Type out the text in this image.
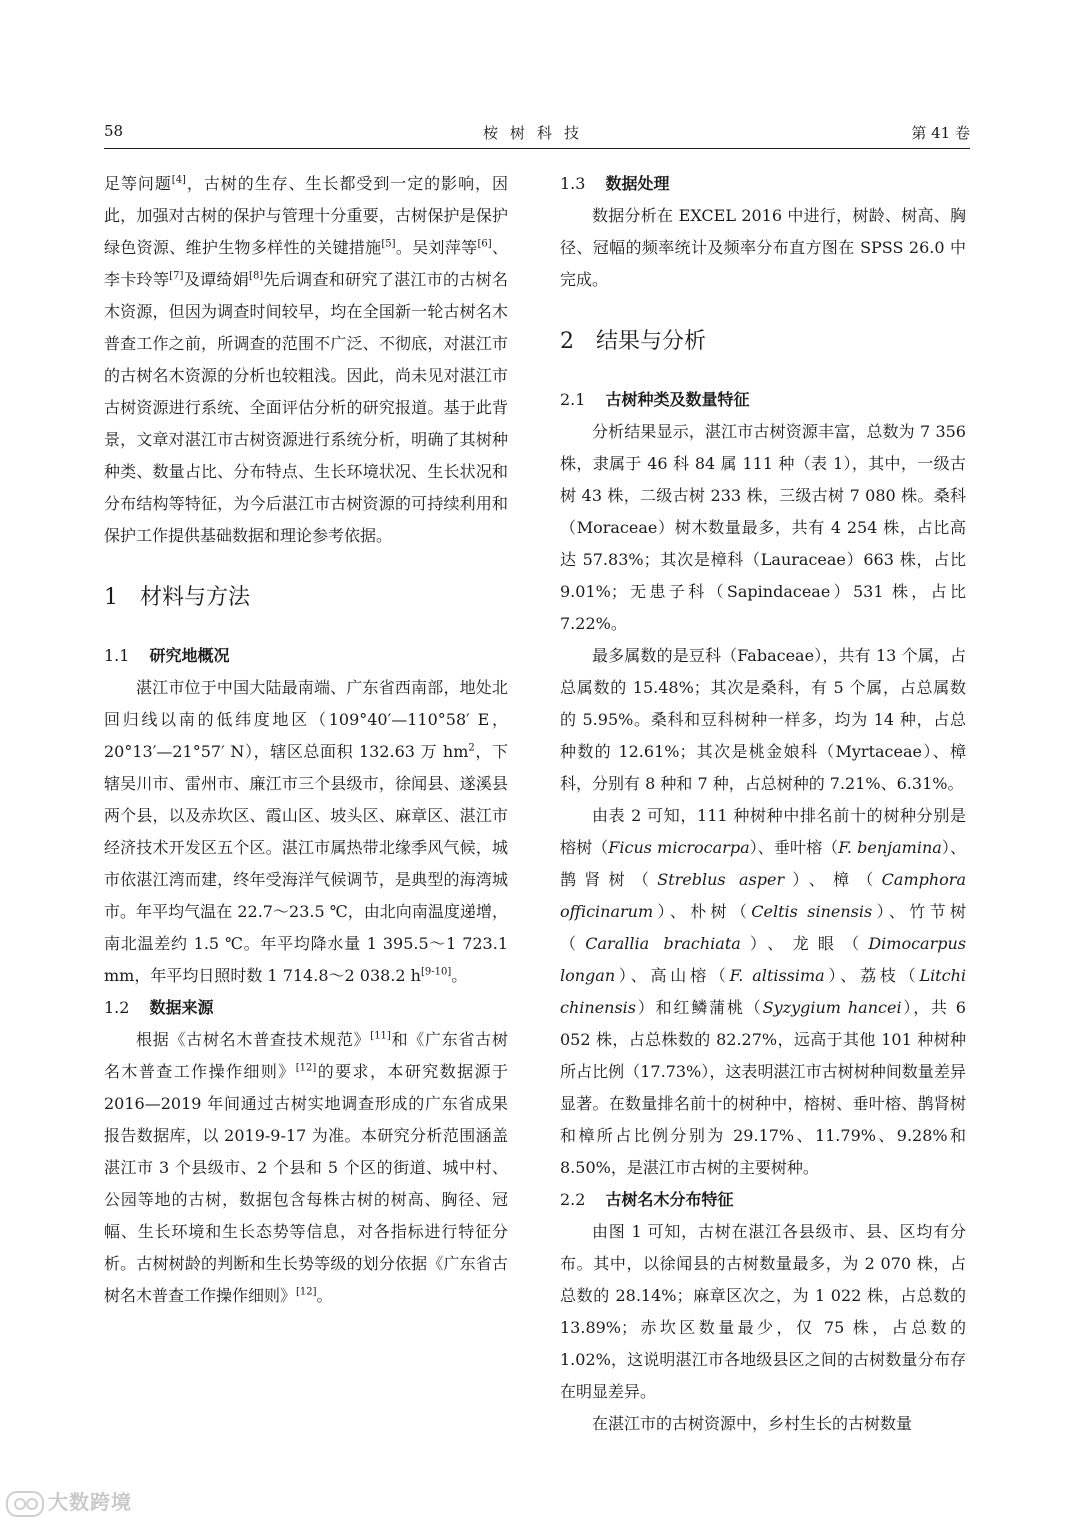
58	桉树科技	第 41 卷

足等问题[4]，古树的生存、生长都受到一定的影响，因此，加强对古树的保护与管理十分重要，古树保护是保护绿色资源、维护生物多样性的关键措施[5]。吴刘萍等[6]、李卡玲等[7]及谭绮娟[8]先后调查和研究了湛江市的古树名木资源，但因为调查时间较早，均在全国新一轮古树名木普查工作之前，所调查的范围不广泛、不彻底，对湛江市的古树名木资源的分析也较粗浅。因此，尚未见对湛江市古树资源进行系统、全面评估分析的研究报道。基于此背景，文章对湛江市古树资源进行系统分析，明确了其树种种类、数量占比、分布特点、生长环境状况、生长状况和分布结构等特征，为今后湛江市古树资源的可持续利用和保护工作提供基础数据和理论参考依据。

1 材料与方法
1.1 研究地概况

湛江市位于中国大陆最南端、广东省西南部，地处北回归线以南的低纬度地区（109°40′—110°58′ E，20°13′—21°57′ N），辖区总面积 132.63 万 $hm^2$，下辖吴川市、雷州市、廉江市三个县级市，徐闻县、遂溪县两个县，以及赤坎区、霞山区、坡头区、麻章区、湛江市经济技术开发区五个区。湛江市属热带北缘季风气候，城市依湛江湾而建，终年受海洋气候调节，是典型的海湾城市。年平均气温在 22.7～23.5 ℃，由北向南温度递增，南北温差约 1.5 ℃。年平均降水量 1 395.5～1 723.1 mm，年平均日照时数 1 714.8～2 038.2 h[9-10]。

1.2 数据来源

根据《古树名木普查技术规范》[11]和《广东省古树名木普查工作操作细则》[12]的要求，本研究数据源于 2016—2019 年间通过古树实地调查形成的广东省成果报告数据库，以 2019-9-17 为准。本研究分析范围涵盖湛江市 3 个县级市、2 个县和 5 个区的街道、城中村、公园等地的古树，数据包含每株古树的树高、胸径、冠幅、生长环境和生长态势等信息，对各指标进行特征分析。古树树龄的判断和生长势等级的划分依据《广东省古树名木普查工作操作细则》[12]。

1.3 数据处理

数据分析在 EXCEL 2016 中进行，树龄、树高、胸径、冠幅的频率统计及频率分布直方图在 SPSS 26.0 中完成。

2 结果与分析
2.1 古树种类及数量特征

分析结果显示，湛江市古树资源丰富，总数为 7 356 株，隶属于 46 科 84 属 111 种（表 1），其中，一级古树 43 株，二级古树 233 株，三级古树 7 080 株。桑科（Moraceae）树木数量最多，共有 4 254 株，占比高达 57.83%；其次是樟科（Lauraceae）663 株，占比 9.01%；无患子科（Sapindaceae）531 株，占比 7.22%。

最多属数的是豆科（Fabaceae），共有 13 个属，占总属数的 15.48%；其次是桑科，有 5 个属，占总属数的 5.95%。桑科和豆科树种一样多，均为 14 种，占总种数的 12.61%；其次是桃金娘科（Myrtaceae）、樟科，分别有 8 种和 7 种，占总树种的 7.21%、6.31%。

由表 2 可知，111 种树种中排名前十的树种分别是榕树（Ficus microcarpa）、垂叶榕（F. benjamina）、鹊肾树（Streblus asper）、樟（Camphora officinarum）、朴树（Celtis sinensis）、竹节树（Carallia brachiata）、龙眼（Dimocarpus longan）、高山榕（F. altissima）、荔枝（Litchi chinensis）和红鳞蒲桃（Syzygium hancei），共 6 052 株，占总株数的 82.27%，远高于其他 101 种树种所占比例（17.73%），这表明湛江市古树树种间数量差异显著。在数量排名前十的树种中，榕树、垂叶榕、鹊肾树和樟所占比例分别为 29.17%、11.79%、9.28%和 8.50%，是湛江市古树的主要树种。

2.2 古树名木分布特征

由图 1 可知，古树在湛江各县级市、县、区均有分布。其中，以徐闻县的古树数量最多，为 2 070 株，占总数的 28.14%；麻章区次之，为 1 022 株，占总数的 13.89%；赤坎区数量最少，仅 75 株，占总数的 1.02%，这说明湛江市各地级县区之间的古树数量分布存在明显差异。

在湛江市的古树资源中，乡村生长的古树数量

大数跨境
